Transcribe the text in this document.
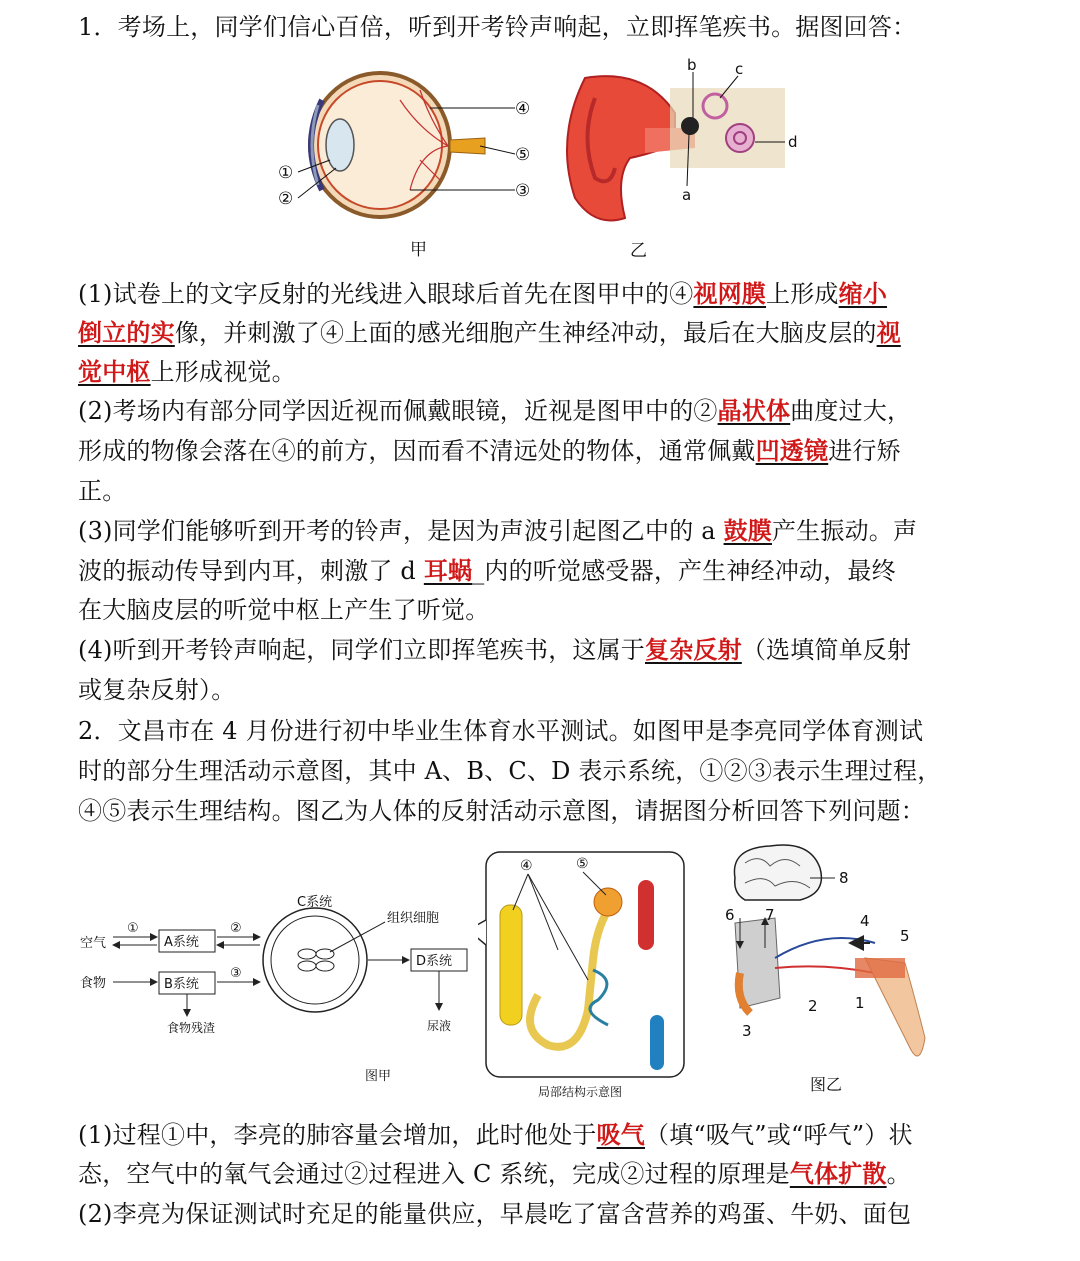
1．考场上，同学们信心百倍，听到开考铃声响起，立即挥笔疾书。据图回答：
④
⑤
③
①
②
甲
b	c
d
a
乙
(1)试卷上的文字反射的光线进入眼球后首先在图甲中的④视网膜上形成缩小
倒立的实像，并刺激了④上面的感光细胞产生神经冲动，最后在大脑皮层的视
觉中枢上形成视觉。
(2)考场内有部分同学因近视而佩戴眼镜，近视是图甲中的②晶状体曲度过大，
形成的物像会落在④的前方，因而看不清远处的物体，通常佩戴凹透镜进行矫
正。
(3)同学们能够听到开考的铃声，是因为声波引起图乙中的 a 鼓膜产生振动。声
波的振动传导到内耳，刺激了 d 耳蜗_内的听觉感受器，产生神经冲动，最终
在大脑皮层的听觉中枢上产生了听觉。
(4)听到开考铃声响起，同学们立即挥笔疾书，这属于复杂反射（选填简单反射
或复杂反射）。
2．文昌市在 4 月份进行初中毕业生体育水平测试。如图甲是李亮同学体育测试
时的部分生理活动示意图，其中 A、B、C、D 表示系统，①②③表示生理过程，
④⑤表示生理结构。图乙为人体的反射活动示意图，请据图分析回答下列问题：
空气
食物
①
A系统
B系统
食物残渣
②
③
C系统
组织细胞
D系统
尿液
图甲
④	⑤
局部结构示意图
8
6 7	4
5
2 1
3
图乙
(1)过程①中，李亮的肺容量会增加，此时他处于吸气（填“吸气”或“呼气”）状
态，空气中的氧气会通过②过程进入 C 系统，完成②过程的原理是气体扩散。
(2)李亮为保证测试时充足的能量供应，早晨吃了富含营养的鸡蛋、牛奶、面包
